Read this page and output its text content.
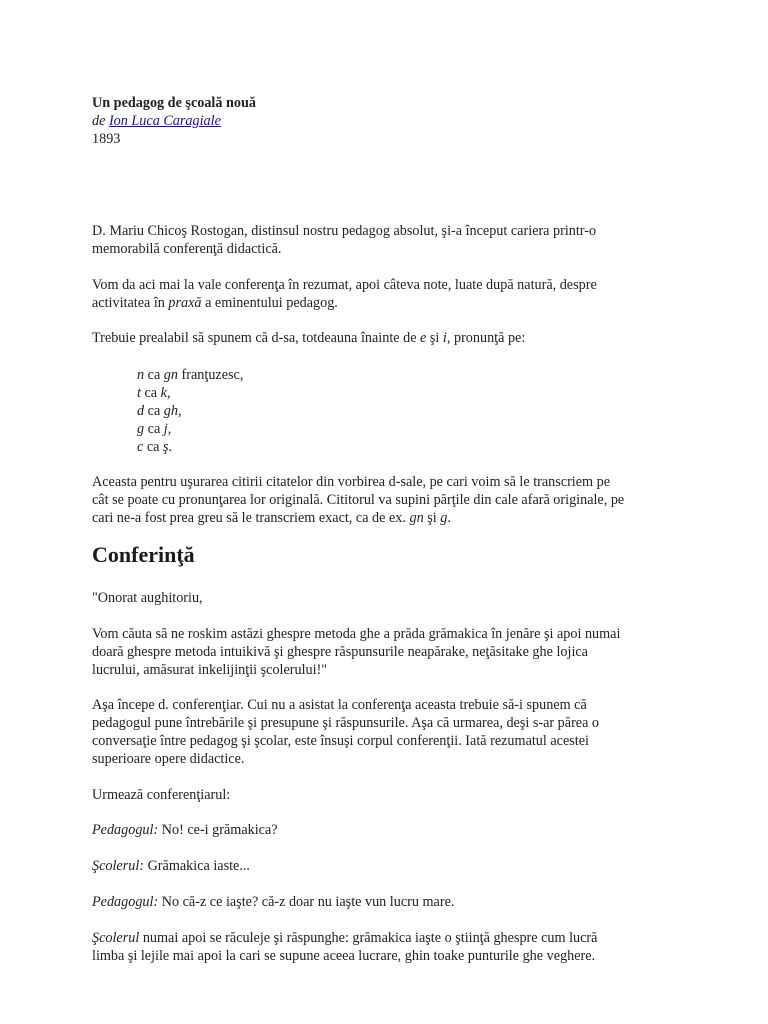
Un pedagog de şcoală nouă
de Ion Luca Caragiale
1893
D. Mariu Chicoş Rostogan, distinsul nostru pedagog absolut, şi-a început cariera printr-o
memorabilă conferenţă didactică.
Vom da aci mai la vale conferenţa în rezumat, apoi câteva note, luate după natură, despre
activitatea în praxă a eminentului pedagog.
Trebuie prealabil să spunem că d-sa, totdeauna înainte de e şi i, pronunţă pe:
n ca gn franţuzesc,
t ca k,
d ca gh,
g ca j,
c ca ş.
Aceasta pentru uşurarea citirii citatelor din vorbirea d-sale, pe cari voim să le transcriem pe
cât se poate cu pronunţarea lor originală. Cititorul va supini părţile din cale afară originale, pe
cari ne-a fost prea greu să le transcriem exact, ca de ex. gn şi g.
Conferinţă
"Onorat aughitoriu,
Vom căuta să ne roskim astăzi ghespre metoda ghe a prăda grămakica în jenăre şi apoi numai
doară ghespre metoda intuikivă şi ghespre răspunsurile neapărake, neţăsitake ghe lojica
lucrului, amăsurat inkelijinţii şcolerului!"
Aşa începe d. conferenţiar. Cui nu a asistat la conferenţa aceasta trebuie să-i spunem că
pedagogul pune întrebările şi presupune şi răspunsurile. Aşa că urmarea, deşi s-ar părea o
conversaţie între pedagog şi şcolar, este însuşi corpul conferenţii. Iată rezumatul acestei
superioare opere didactice.
Urmează conferenţiarul:
Pedagogul: No! ce-i grămakica?
Şcolerul: Grămakica iaste...
Pedagogul: No că-z ce iaşte? că-z doar nu iaşte vun lucru mare.
Şcolerul numai apoi se răculeje şi răspunghe: grămakica iaşte o ştiinţă ghespre cum lucră
limba şi lejile mai apoi la cari se supune aceea lucrare, ghin toake punturile ghe veghere.
